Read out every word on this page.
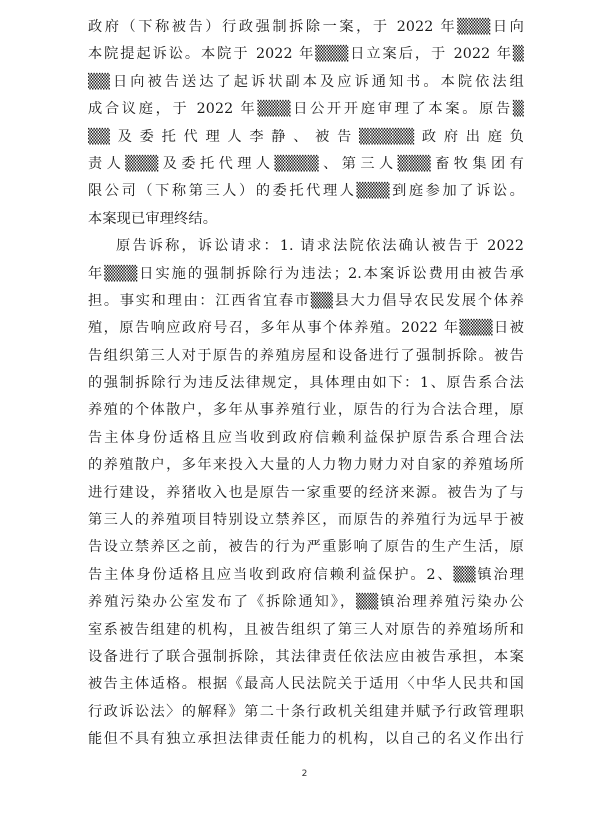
政府（下称被告）行政强制拆除一案，于 2022 年▒▒▒日向
本院提起诉讼。本院于 2022 年▒▒▒日立案后，于 2022 年▒
▒▒日向被告送达了起诉状副本及应诉通知书。本院依法组
成合议庭，于 2022 年▒▒▒日公开开庭审理了本案。原告▒
▒▒及委托代理人李静、被告▒▒▒▒▒政府出庭负
责人▒▒▒及委托代理人▒▒▒▒、第三人▒▒▒畜牧集团有
限公司（下称第三人）的委托代理人▒▒▒到庭参加了诉讼。
本案现已审理终结。
原告诉称，诉讼请求：1. 请求法院依法确认被告于 2022
年▒▒▒日实施的强制拆除行为违法；2.本案诉讼费用由被告承
担。事实和理由：江西省宜春市▒▒县大力倡导农民发展个体养
殖，原告响应政府号召，多年从事个体养殖。2022 年▒▒▒日被
告组织第三人对于原告的养殖房屋和设备进行了强制拆除。被告
的强制拆除行为违反法律规定，具体理由如下：1、原告系合法
养殖的个体散户，多年从事养殖行业，原告的行为合法合理，原
告主体身份适格且应当收到政府信赖利益保护原告系合理合法
的养殖散户，多年来投入大量的人力物力财力对自家的养殖场所
进行建设，养猪收入也是原告一家重要的经济来源。被告为了与
第三人的养殖项目特别设立禁养区，而原告的养殖行为远早于被
告设立禁养区之前，被告的行为严重影响了原告的生产生活，原
告主体身份适格且应当收到政府信赖利益保护。2、▒▒镇治理
养殖污染办公室发布了《拆除通知》，▒▒镇治理养殖污染办公
室系被告组建的机构，且被告组织了第三人对原告的养殖场所和
设备进行了联合强制拆除，其法律责任依法应由被告承担，本案
被告主体适格。根据《最高人民法院关于适用〈中华人民共和国
行政诉讼法〉的解释》第二十条行政机关组建并赋予行政管理职
能但不具有独立承担法律责任能力的机构，以自己的名义作出行
2
